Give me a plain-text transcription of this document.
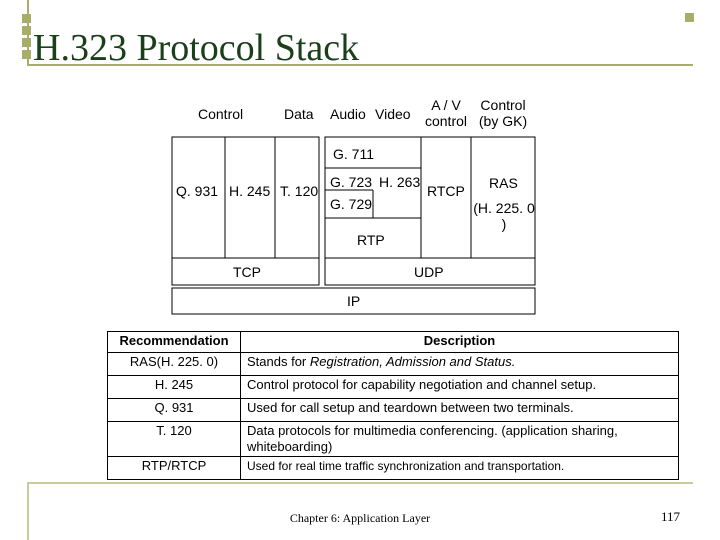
H.323 Protocol Stack
Control	Data Audio Video
A / V
control
Control
(by GK)
Q. 931 H. 245 T. 120
G. 711
G. 723 H. 263
G. 729
RTCP RAS
(H. 225. 0
)
RTP
TCP	UDP
IP
Recommendation	Description
RAS(H. 225. 0)	Stands for Registration, Admission and Status.
H. 245	Control protocol for capability negotiation and channel setup.
Q. 931	Used for call setup and teardown between two terminals.
T. 120	Data protocols for multimedia conferencing. (application sharing, whiteboarding)
RTP/RTCP	Used for real time traffic synchronization and transportation.
Chapter 6: Application Layer	117
